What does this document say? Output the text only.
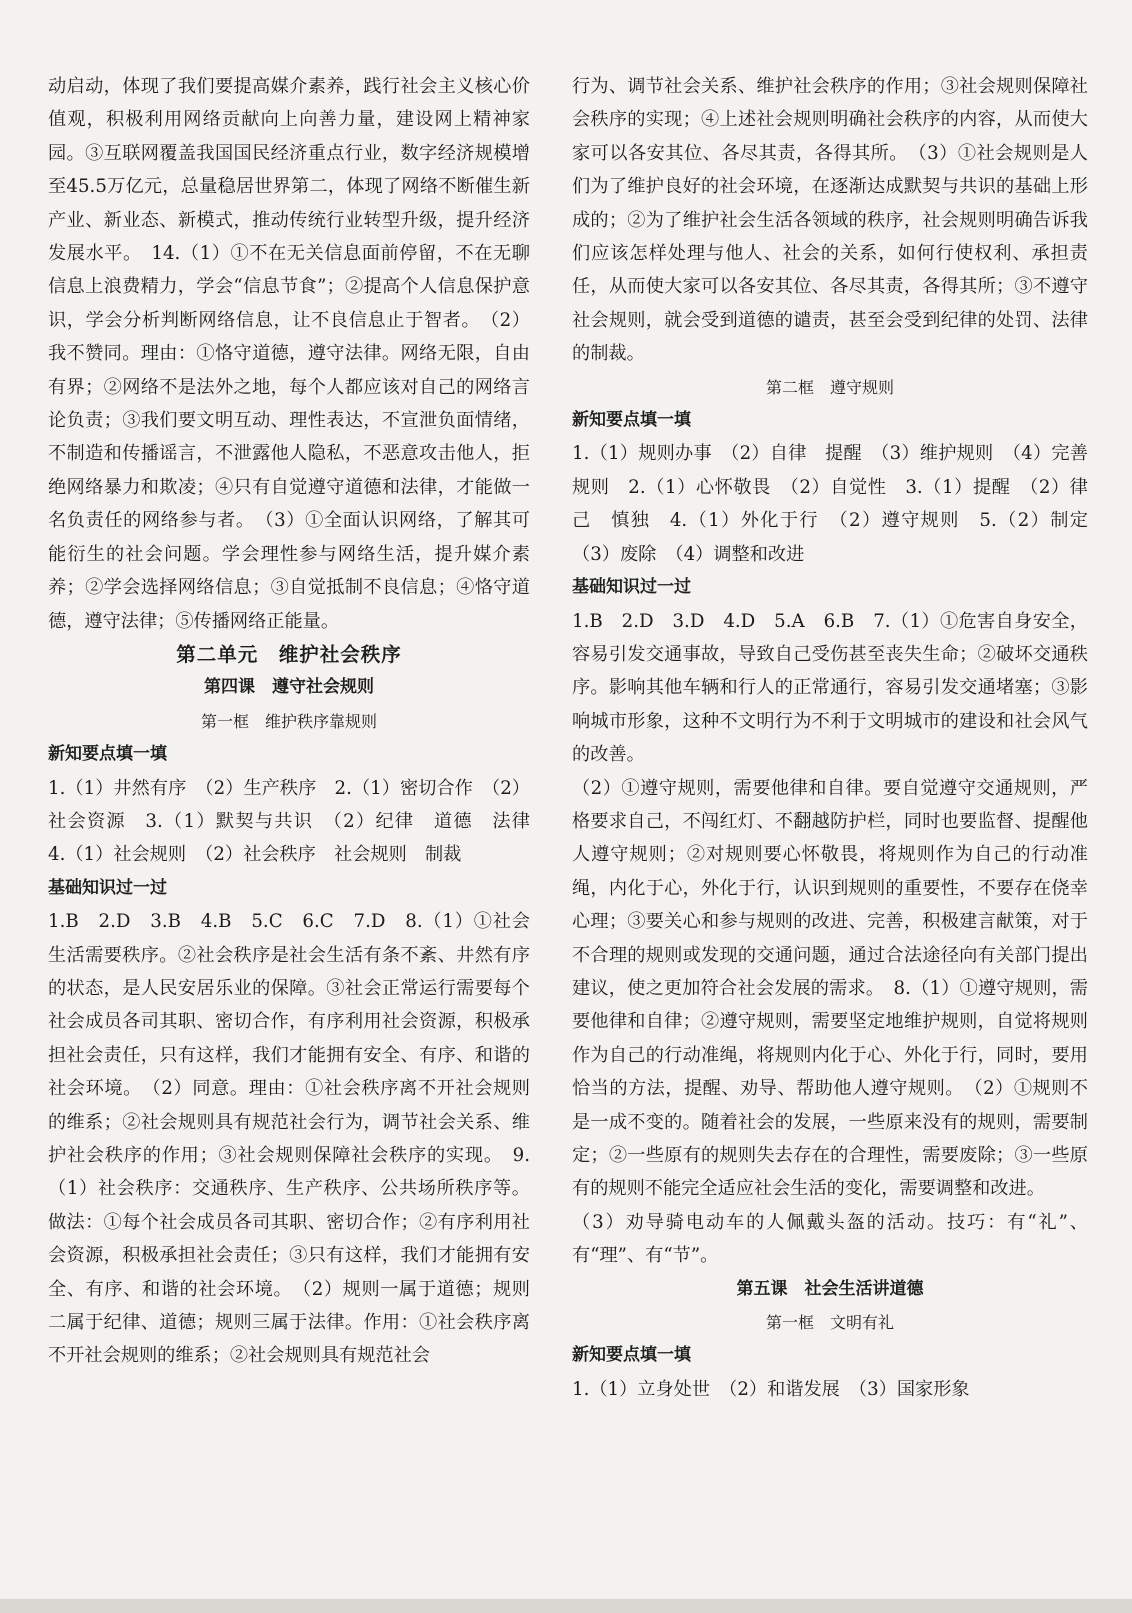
动启动，体现了我们要提高媒介素养，践行社会主义核心价值观，积极利用网络贡献向上向善力量，建设网上精神家园。③互联网覆盖我国国民经济重点行业，数字经济规模增至45.5万亿元，总量稳居世界第二，体现了网络不断催生新产业、新业态、新模式，推动传统行业转型升级，提升经济发展水平。　14.（1）①不在无关信息面前停留，不在无聊信息上浪费精力，学会“信息节食”；②提高个人信息保护意识，学会分析判断网络信息，让不良信息止于智者。　（2）我不赞同。理由：①恪守道德，遵守法律。网络无限，自由有界；②网络不是法外之地，每个人都应该对自己的网络言论负责；③我们要文明互动、理性表达，不宣泄负面情绪，不制造和传播谣言，不泄露他人隐私，不恶意攻击他人，拒绝网络暴力和欺凌；④只有自觉遵守道德和法律，才能做一名负责任的网络参与者。　（3）①全面认识网络，了解其可能衍生的社会问题。学会理性参与网络生活，提升媒介素养；②学会选择网络信息；③自觉抵制不良信息；④恪守道德，遵守法律；⑤传播网络正能量。

第二单元　维护社会秩序

第四课　遵守社会规则

第一框　维护秩序靠规则

新知要点填一填

1.（1）井然有序　（2）生产秩序　2.（1）密切合作　（2）社会资源　3.（1）默契与共识　（2）纪律　道德　法律　4.（1）社会规则　（2）社会秩序　社会规则　制裁

基础知识过一过

1.B　2.D　3.B　4.B　5.C　6.C　7.D　8.（1）①社会生活需要秩序。②社会秩序是社会生活有条不紊、井然有序的状态，是人民安居乐业的保障。③社会正常运行需要每个社会成员各司其职、密切合作，有序利用社会资源，积极承担社会责任，只有这样，我们才能拥有安全、有序、和谐的社会环境。　（2）同意。理由：①社会秩序离不开社会规则的维系；②社会规则具有规范社会行为，调节社会关系、维护社会秩序的作用；③社会规则保障社会秩序的实现。　9.（1）社会秩序：交通秩序、生产秩序、公共场所秩序等。做法：①每个社会成员各司其职、密切合作；②有序利用社会资源，积极承担社会责任；③只有这样，我们才能拥有安全、有序、和谐的社会环境。　（2）规则一属于道德；规则二属于纪律、道德；规则三属于法律。作用：①社会秩序离不开社会规则的维系；②社会规则具有规范社会

行为、调节社会关系、维护社会秩序的作用；③社会规则保障社会秩序的实现；④上述社会规则明确社会秩序的内容，从而使大家可以各安其位、各尽其责，各得其所。　（3）①社会规则是人们为了维护良好的社会环境，在逐渐达成默契与共识的基础上形成的；②为了维护社会生活各领域的秩序，社会规则明确告诉我们应该怎样处理与他人、社会的关系，如何行使权利、承担责任，从而使大家可以各安其位、各尽其责，各得其所；③不遵守社会规则，就会受到道德的谴责，甚至会受到纪律的处罚、法律的制裁。

第二框　遵守规则

新知要点填一填

1.（1）规则办事　（2）自律　提醒　（3）维护规则　（4）完善规则　2.（1）心怀敬畏　（2）自觉性　3.（1）提醒　（2）律己　慎独　4.（1）外化于行　（2）遵守规则　5.（2）制定　（3）废除　（4）调整和改进

基础知识过一过

1.B　2.D　3.D　4.D　5.A　6.B　7.（1）①危害自身安全，容易引发交通事故，导致自己受伤甚至丧失生命；②破坏交通秩序。影响其他车辆和行人的正常通行，容易引发交通堵塞；③影响城市形象，这种不文明行为不利于文明城市的建设和社会风气的改善。

（2）①遵守规则，需要他律和自律。要自觉遵守交通规则，严格要求自己，不闯红灯、不翻越防护栏，同时也要监督、提醒他人遵守规则；②对规则要心怀敬畏，将规则作为自己的行动准绳，内化于心，外化于行，认识到规则的重要性，不要存在侥幸心理；③要关心和参与规则的改进、完善，积极建言献策，对于不合理的规则或发现的交通问题，通过合法途径向有关部门提出建议，使之更加符合社会发展的需求。　8.（1）①遵守规则，需要他律和自律；②遵守规则，需要坚定地维护规则，自觉将规则作为自己的行动准绳，将规则内化于心、外化于行，同时，要用恰当的方法，提醒、劝导、帮助他人遵守规则。　（2）①规则不是一成不变的。随着社会的发展，一些原来没有的规则，需要制定；②一些原有的规则失去存在的合理性，需要废除；③一些原有的规则不能完全适应社会生活的变化，需要调整和改进。

（3）劝导骑电动车的人佩戴头盔的活动。技巧：有“礼”、有“理”、有“节”。

第五课　社会生活讲道德

第一框　文明有礼

新知要点填一填

1.（1）立身处世　（2）和谐发展　（3）国家形象
